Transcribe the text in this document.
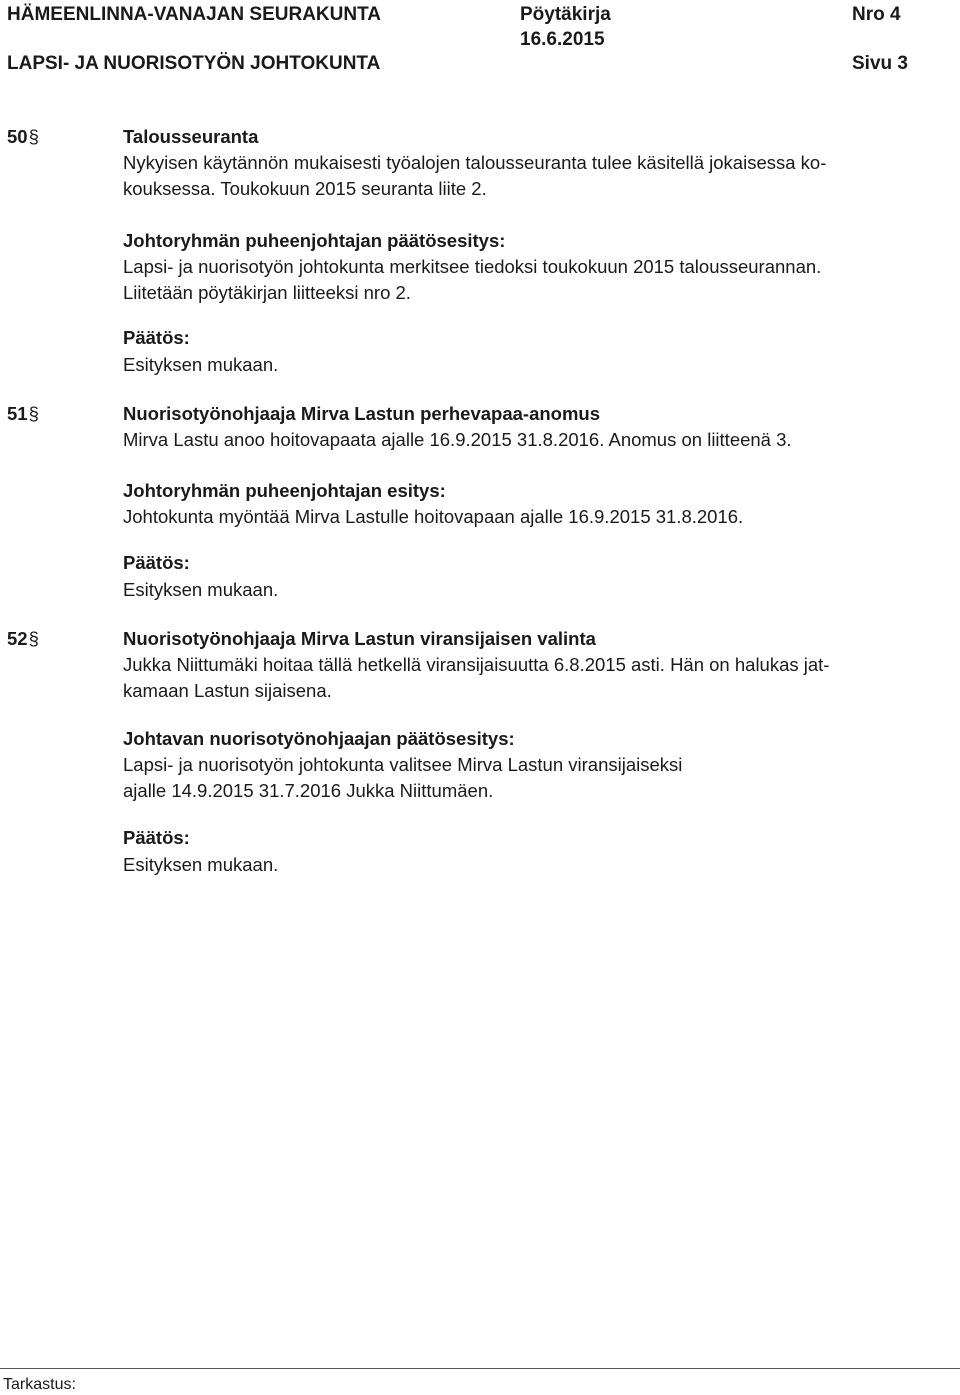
HÄMEENLINNA-VANAJAN SEURAKUNTA	Pöytäkirja	Nro 4
16.6.2015
LAPSI- JA NUORISOTYÖN JOHTOKUNTA	Sivu 3
50§	Talousseuranta
Nykyisen käytännön mukaisesti työalojen talousseuranta tulee käsitellä jokaisessa ko-
kouksessa. Toukokuun 2015 seuranta liite 2.
Johtoryhmän puheenjohtajan päätösesitys:
Lapsi- ja nuorisotyön johtokunta merkitsee tiedoksi toukokuun 2015 talousseurannan.
Liitetään pöytäkirjan liitteeksi nro 2.
Päätös:
Esityksen mukaan.
51§	Nuorisotyönohjaaja Mirva Lastun perhevapaa-anomus
Mirva Lastu anoo hoitovapaata ajalle 16.9.2015 31.8.2016. Anomus on liitteenä 3.
Johtoryhmän puheenjohtajan esitys:
Johtokunta myöntää Mirva Lastulle hoitovapaan ajalle 16.9.2015 31.8.2016.
Päätös:
Esityksen mukaan.
52§	Nuorisotyönohjaaja Mirva Lastun viransijaisen valinta
Jukka Niittumäki hoitaa tällä hetkellä viransijaisuutta 6.8.2015 asti. Hän on halukas jat-
kamaan Lastun sijaisena.
Johtavan nuorisotyönohjaajan päätösesitys:
Lapsi- ja nuorisotyön johtokunta valitsee Mirva Lastun viransijaiseksi
ajalle 14.9.2015 31.7.2016 Jukka Niittumäen.
Päätös:
Esityksen mukaan.
Tarkastus:
